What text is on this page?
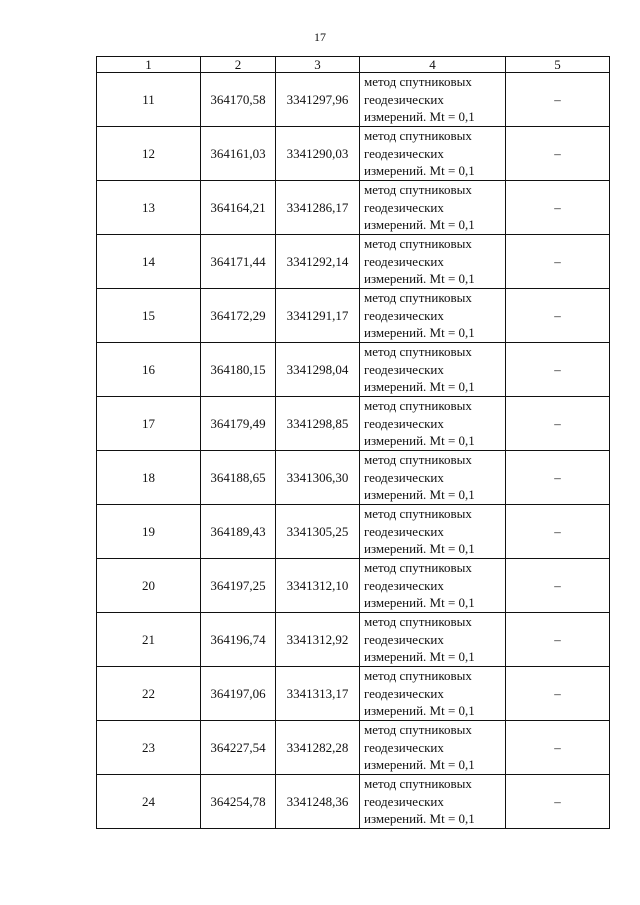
17
1	2	3	4	5
11	364170,58	3341297,96	метод спутниковых геодезических измерений. Mt = 0,1	–
12	364161,03	3341290,03	метод спутниковых геодезических измерений. Mt = 0,1	–
13	364164,21	3341286,17	метод спутниковых геодезических измерений. Mt = 0,1	–
14	364171,44	3341292,14	метод спутниковых геодезических измерений. Mt = 0,1	–
15	364172,29	3341291,17	метод спутниковых геодезических измерений. Mt = 0,1	–
16	364180,15	3341298,04	метод спутниковых геодезических измерений. Mt = 0,1	–
17	364179,49	3341298,85	метод спутниковых геодезических измерений. Mt = 0,1	–
18	364188,65	3341306,30	метод спутниковых геодезических измерений. Mt = 0,1	–
19	364189,43	3341305,25	метод спутниковых геодезических измерений. Mt = 0,1	–
20	364197,25	3341312,10	метод спутниковых геодезических измерений. Mt = 0,1	–
21	364196,74	3341312,92	метод спутниковых геодезических измерений. Mt = 0,1	–
22	364197,06	3341313,17	метод спутниковых геодезических измерений. Mt = 0,1	–
23	364227,54	3341282,28	метод спутниковых геодезических измерений. Mt = 0,1	–
24	364254,78	3341248,36	метод спутниковых геодезических измерений. Mt = 0,1	–
